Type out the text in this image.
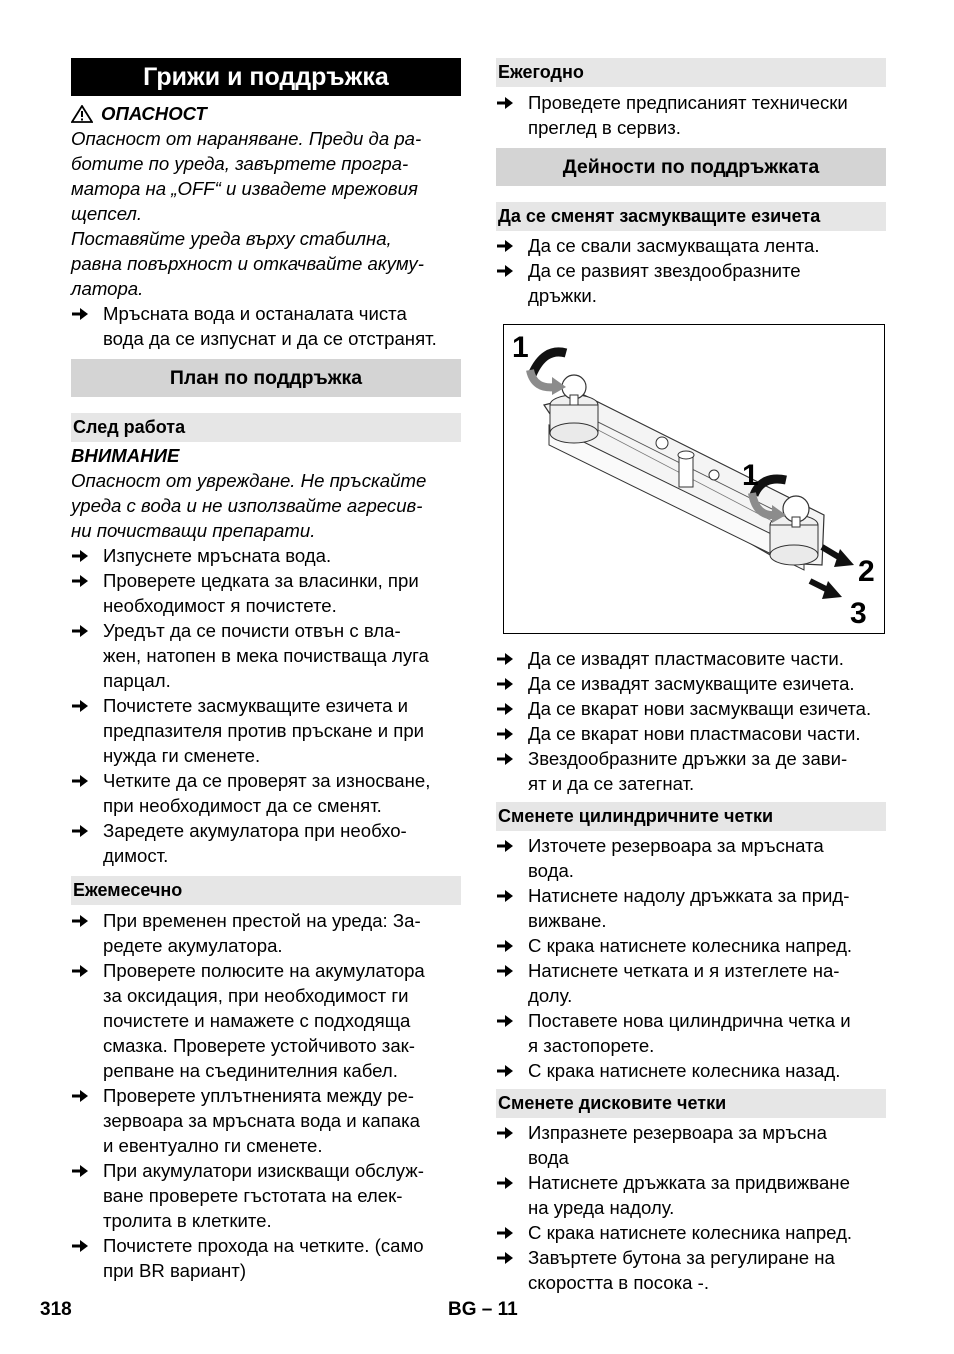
Грижи и поддръжка
ОПАСНОСТ
Опасност от нараняване. Преди да ра-
ботите по уреда, завъртете програ-
матора на „OFF“ и извадете мрежовия
щепсел.
Поставяйте уреда върху стабилна,
равна повърхност и откачвайте акуму-
латора.
Мръсната вода и останалата чиста
вода да се изпуснат и да се отстранят.
План по поддръжка
След работа
ВНИМАНИЕ
Опасност от увреждане. Не пръскайте
уреда с вода и не използвайте агресив-
ни почистващи препарати.
Изпуснете мръсната вода.
Проверете цедката за власинки, при
необходимост я почистете.
Уредът да се почисти отвън с вла-
жен, натопен в мека почистваща луга
парцал.
Почистете засмукващите езичета и
предпазителя против пръскане и при
нужда ги сменете.
Четките да се проверят за износване,
при необходимост да се сменят.
Заредете акумулатора при необхо-
димост.
Ежемесечно
При временен престой на уреда: За-
редете акумулатора.
Проверете полюсите на акумулатора
за оксидация, при необходимост ги
почистете и намажете с подходяща
смазка. Проверете устойчивото зак-
репване на съединителния кабел.
Проверете уплътненията между ре-
зервоара за мръсната вода и капака
и евентуално ги сменете.
При акумулатори изискващи обслуж-
ване проверете гъстотата на елек-
тролита в клетките.
Почистете прохода на четките. (само
при BR вариант)
Ежегодно
Проведете предписаният технически
преглед в сервиз.
Дейности по поддръжката
Да се сменят засмукващите езичета
Да се свали засмукващата лента.
Да се развият звездообразните
дръжки.
1
1
2
3
Да се извадят пластмасовите части.
Да се извадят засмукващите езичета.
Да се вкарат нови засмукващи езичета.
Да се вкарат нови пластмасови части.
Звездообразните дръжки за де зави-
ят и да се затегнат.
Сменете цилиндричните четки
Източете резервоара за мръсната
вода.
Натиснете надолу дръжката за прид-
вижване.
С крака натиснете колесника напред.
Натиснете четката и я изтеглете на-
долу.
Поставете нова цилиндрична четка и
я застопорете.
С крака натиснете колесника назад.
Сменете дисковите четки
Изпразнете резервоара за мръсна
вода
Натиснете дръжката за придвижване
на уреда надолу.
С крака натиснете колесника напред.
Завъртете бутона за регулиране на
скоростта в посока -.
318	BG – 11
